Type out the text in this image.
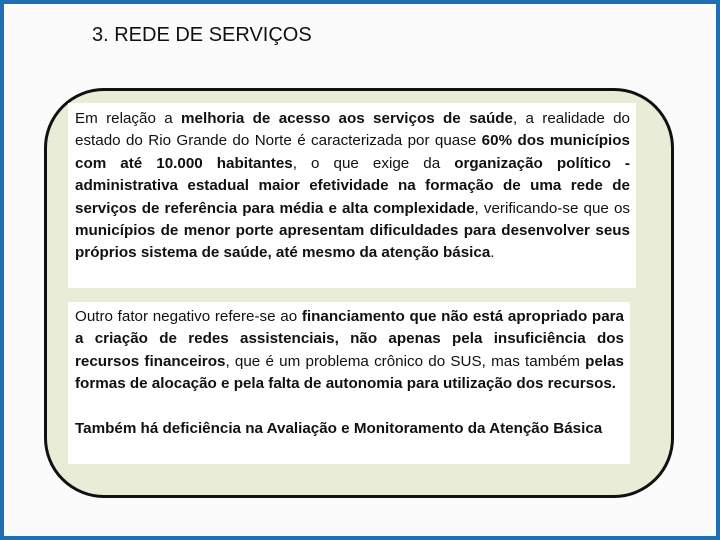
3. REDE DE SERVIÇOS
Em relação a melhoria de acesso aos serviços de saúde, a realidade do estado do Rio Grande do Norte é caracterizada por quase 60% dos municípios com até 10.000 habitantes, o que exige da organização político -administrativa estadual maior efetividade na formação de uma rede de serviços de referência para média e alta complexidade, verificando-se que os municípios de menor porte apresentam dificuldades para desenvolver seus próprios sistema de saúde, até mesmo da atenção básica.

Outro fator negativo refere-se ao financiamento que não está apropriado para a criação de redes assistenciais, não apenas pela insuficiência dos recursos financeiros, que é um problema crônico do SUS, mas também pelas formas de alocação e pela falta de autonomia para utilização dos recursos.

Também há deficiência na Avaliação e Monitoramento da Atenção Básica
